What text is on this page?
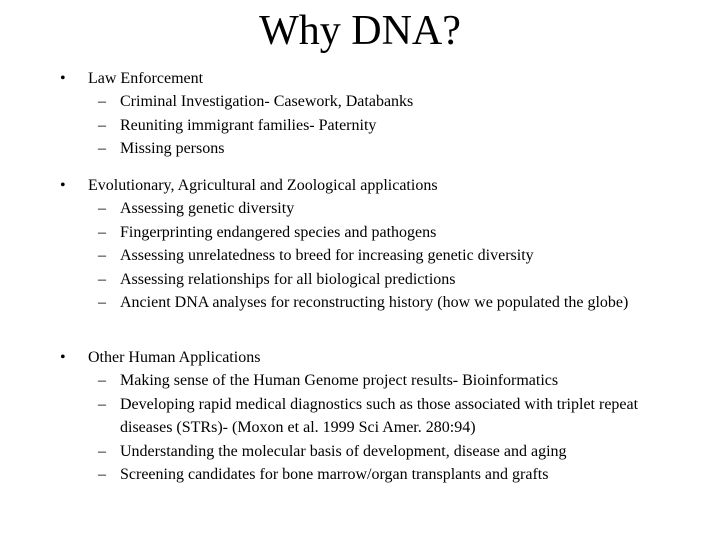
Why DNA?
•	Law Enforcement
– Criminal Investigation- Casework, Databanks
– Reuniting immigrant families- Paternity
– Missing persons
•	Evolutionary, Agricultural and Zoological applications
– Assessing genetic diversity
– Fingerprinting endangered species and pathogens
– Assessing unrelatedness to breed for increasing genetic diversity
– Assessing relationships for all biological predictions
– Ancient DNA analyses for reconstructing history (how we populated the globe)
•	Other Human Applications
– Making sense of the Human Genome project results- Bioinformatics
– Developing rapid medical diagnostics such as those associated with triplet repeat diseases (STRs)- (Moxon et al. 1999 Sci Amer. 280:94)
– Understanding the molecular basis of development, disease and aging
– Screening candidates for bone marrow/organ transplants and grafts
